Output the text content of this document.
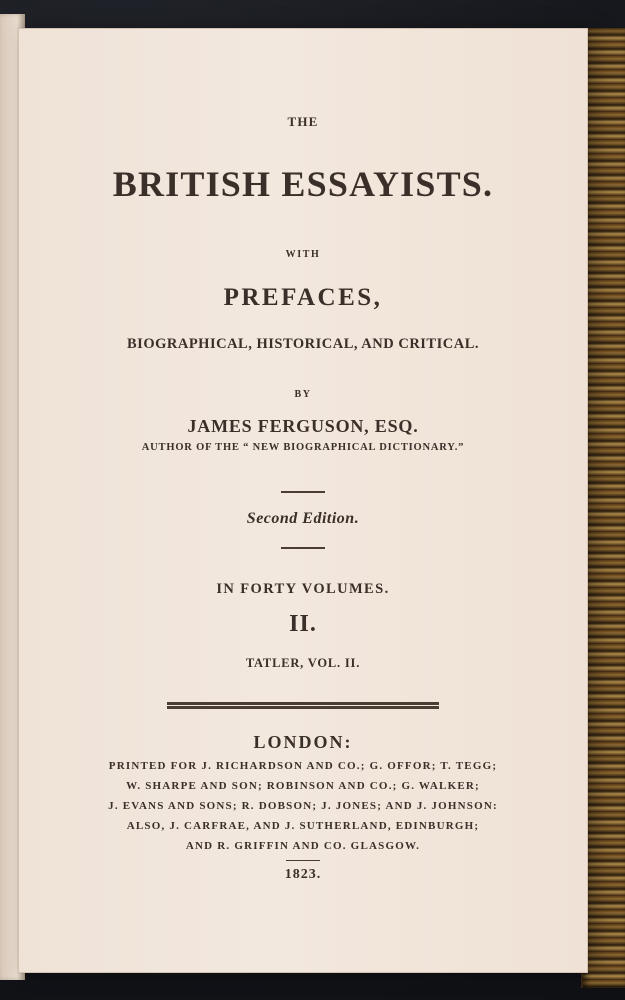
THE
BRITISH ESSAYISTS.
WITH
PREFACES,
BIOGRAPHICAL, HISTORICAL, AND CRITICAL.
BY
JAMES FERGUSON, ESQ.
AUTHOR OF THE “ NEW BIOGRAPHICAL DICTIONARY.”
Second Edition.
IN FORTY VOLUMES.
II.
TATLER, VOL. II.
LONDON:
PRINTED FOR J. RICHARDSON AND CO.; G. OFFOR; T. TEGG;
W. SHARPE AND SON; ROBINSON AND CO.; G. WALKER;
J. EVANS AND SONS; R. DOBSON; J. JONES; AND J. JOHNSON:
ALSO, J. CARFRAE, AND J. SUTHERLAND, EDINBURGH;
AND R. GRIFFIN AND CO. GLASGOW.
1823.
